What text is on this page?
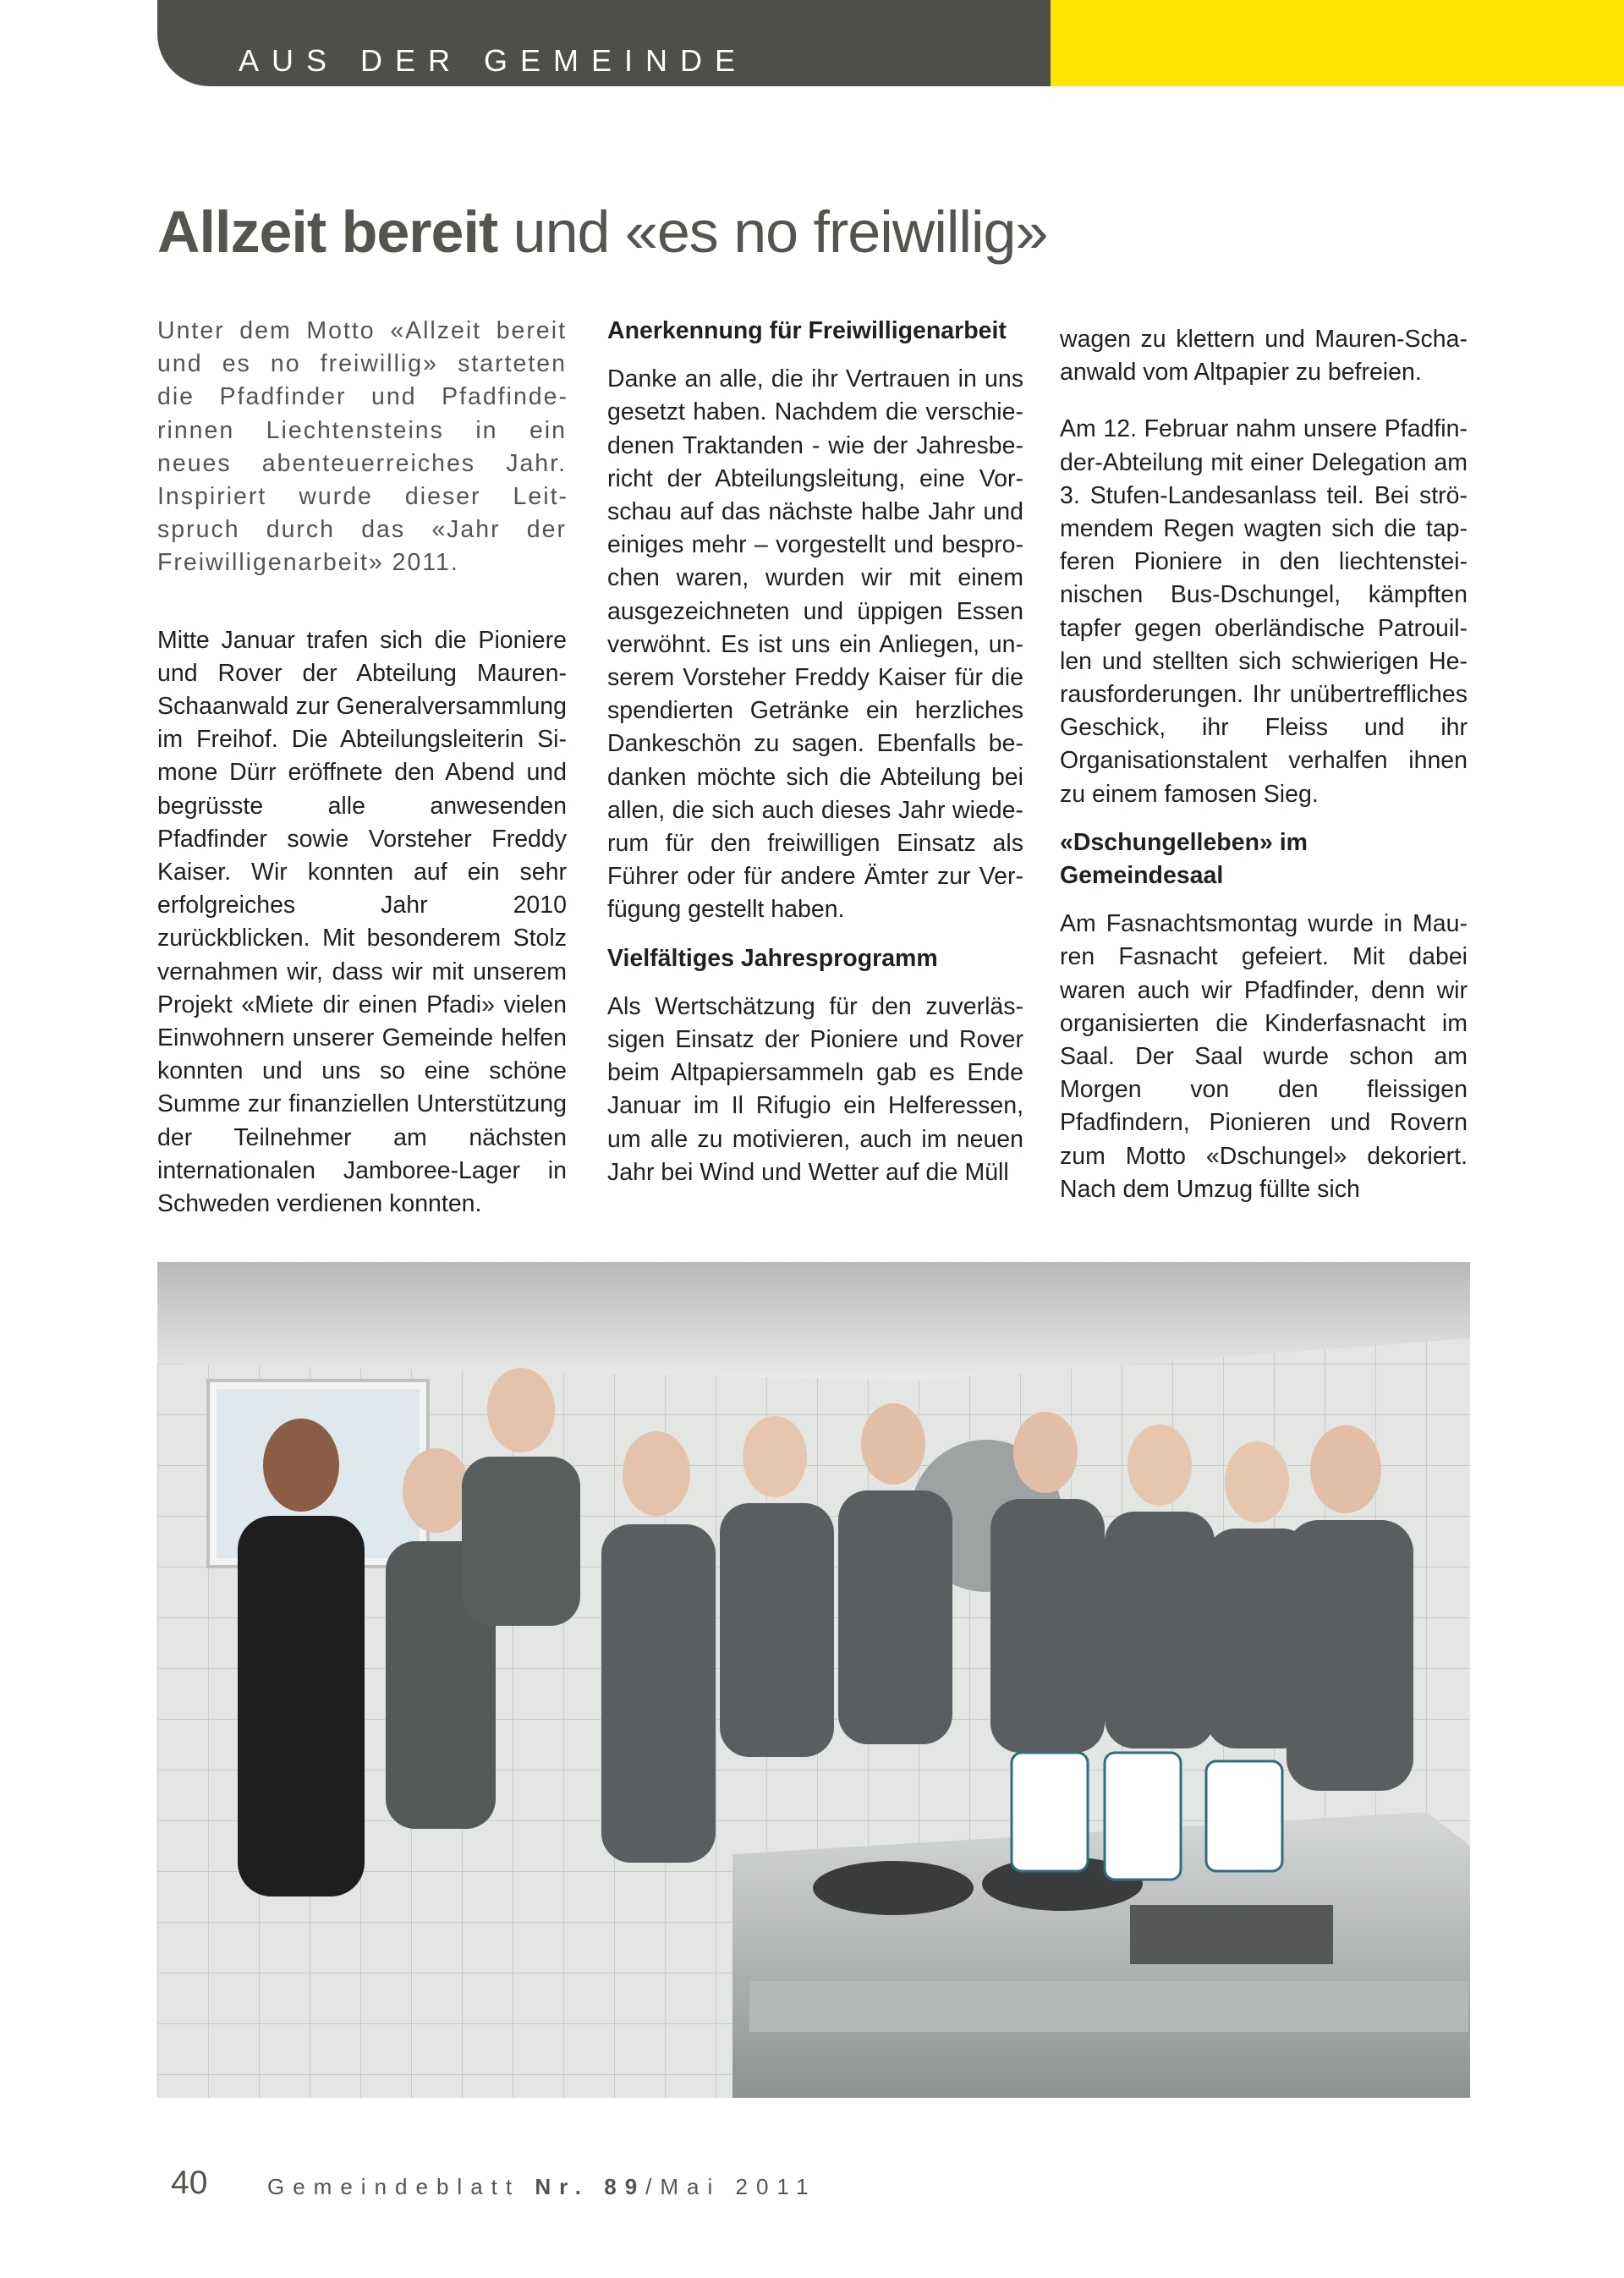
AUS DER GEMEINDE
Allzeit bereit und «es no freiwillig»

Unter dem Motto «Allzeit bereit und es no freiwillig» starteten die Pfadfinder und Pfadfinderinnen Liechtensteins in ein neues abenteuerreiches Jahr. Inspiriert wurde dieser Leitspruch durch das «Jahr der Freiwilligenarbeit» 2011.

Mitte Januar trafen sich die Pioniere und Rover der Abteilung Mauren-Schaanwald zur Generalversammlung im Freihof. Die Abteilungsleiterin Simone Dürr eröffnete den Abend und begrüsste alle anwesenden Pfadfinder sowie Vorsteher Freddy Kaiser. Wir konnten auf ein sehr erfolgreiches Jahr 2010 zurückblicken. Mit besonderem Stolz vernahmen wir, dass wir mit unserem Projekt «Miete dir einen Pfadi» vielen Einwohnern unserer Gemeinde helfen konnten und uns so eine schöne Summe zur finanziellen Unterstützung der Teilnehmer am nächsten internationalen Jamboree-Lager in Schweden verdienen konnten.

Anerkennung für Freiwilligenarbeit

Danke an alle, die ihr Vertrauen in uns gesetzt haben. Nachdem die verschiedenen Traktanden - wie der Jahresbericht der Abteilungsleitung, eine Vorschau auf das nächste halbe Jahr und einiges mehr – vorgestellt und besprochen waren, wurden wir mit einem ausgezeichneten und üppigen Essen verwöhnt. Es ist uns ein Anliegen, unserem Vorsteher Freddy Kaiser für die spendierten Getränke ein herzliches Dankeschön zu sagen. Ebenfalls bedanken möchte sich die Abteilung bei allen, die sich auch dieses Jahr wiederum für den freiwilligen Einsatz als Führer oder für andere Ämter zur Verfügung gestellt haben.

Vielfältiges Jahresprogramm

Als Wertschätzung für den zuverlässigen Einsatz der Pioniere und Rover beim Altpapiersammeln gab es Ende Januar im Il Rifugio ein Helferessen, um alle zu motivieren, auch im neuen Jahr bei Wind und Wetter auf die Müll

wagen zu klettern und Mauren-Schaanwald vom Altpapier zu befreien.

Am 12. Februar nahm unsere Pfadfinder-Abteilung mit einer Delegation am 3. Stufen-Landesanlass teil. Bei strömendem Regen wagten sich die tapferen Pioniere in den liechtensteinischen Bus-Dschungel, kämpften tapfer gegen oberländische Patrouillen und stellten sich schwierigen Herausforderungen. Ihr unübertreffliches Geschick, ihr Fleiss und ihr Organisationstalent verhalfen ihnen zu einem famosen Sieg.

«Dschungelleben» im Gemeindesaal

Am Fasnachtsmontag wurde in Mauren Fasnacht gefeiert. Mit dabei waren auch wir Pfadfinder, denn wir organisierten die Kinderfasnacht im Saal. Der Saal wurde schon am Morgen von den fleissigen Pfadfindern, Pionieren und Rovern zum Motto «Dschungel» dekoriert. Nach dem Umzug füllte sich

40	Gemeindeblatt Nr. 89/Mai 2011
